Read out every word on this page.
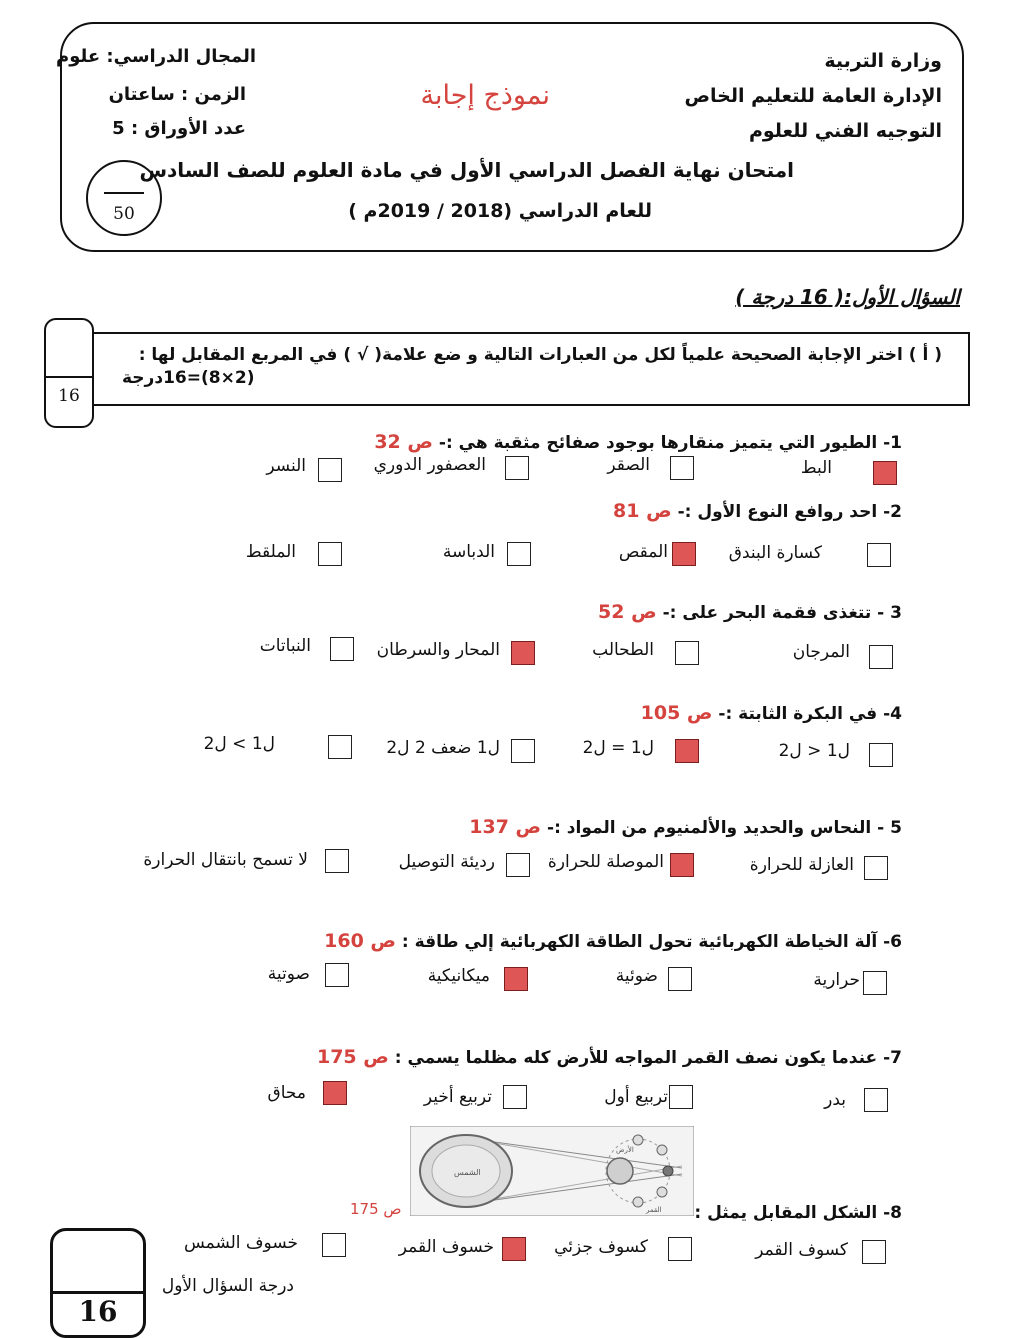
وزارة التربية
الإدارة العامة للتعليم الخاص
التوجيه الفني للعلوم
المجال الدراسي: علوم
الزمن : ساعتان
عدد الأوراق : 5
نموذج إجابة
امتحان نهاية الفصل الدراسي الأول في مادة العلوم للصف السادس
للعام الدراسي (2018 / 2019م )
50
السؤال الأول:( 16 درجة )
16
( أ ) اختر الإجابة الصحيحة علمياً لكل من العبارات التالية و ضع علامة( √ ) في المربع المقابل لها :
(2×8)=16درجة
1- الطيور التي يتميز منقارها بوجود صفائح مثقبة هي :- ص 32
البط
الصقر
العصفور الدوري
النسر
2- احد روافع النوع الأول :- ص 81
كسارة البندق
المقص
الدباسة
الملقط
3 - تتغذى فقمة البحر على :- ص 52
المرجان
الطحالب
المحار والسرطان
النباتات
4- في البكرة الثابتة :- ص 105
ل1 < ل2
ل1 = ل2
ل1 ضعف 2 ل2
ل1 > ل2
5 - النحاس والحديد والألمنيوم من المواد :- ص 137
العازلة للحرارة
الموصلة للحرارة
رديئة التوصيل
لا تسمح بانتقال الحرارة
6- آلة الخياطة الكهربائية تحول الطاقة الكهربائية إلي طاقة : ص 160
حرارية
ضوئية
ميكانيكية
صوتية
7- عندما يكون نصف القمر المواجه للأرض كله مظلما يسمي : ص 175
بدر
تربيع أول
تربيع أخير
محاق
الشمس
الأرض
القمر	8- الشكل المقابل يمثل :
ص 175
كسوف القمر
كسوف جزئي
خسوف القمر
خسوف الشمس
16
درجة السؤال الأول
